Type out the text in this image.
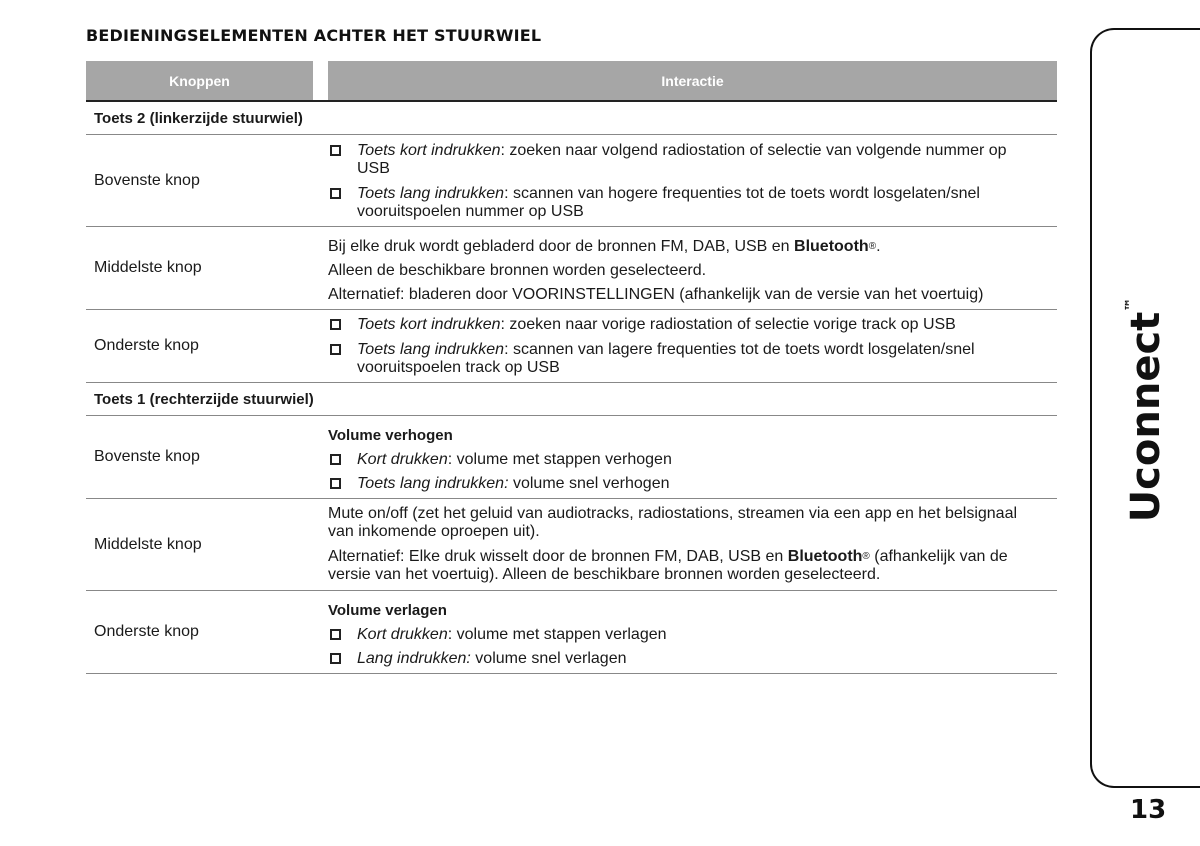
BEDIENINGSELEMENTEN ACHTER HET STUURWIEL
Knoppen	Interactie
Toets 2 (linkerzijde stuurwiel)
Bovenste knop
Toets kort indrukken: zoeken naar volgend radiostation of selectie van volgende nummer op
USB
Toets lang indrukken: scannen van hogere frequenties tot de toets wordt losgelaten/snel
vooruitspoelen nummer op USB
Middelste knop
Bij elke druk wordt gebladerd door de bronnen FM, DAB, USB en Bluetooth®.
Alleen de beschikbare bronnen worden geselecteerd.
Alternatief: bladeren door VOORINSTELLINGEN (afhankelijk van de versie van het voertuig)
Onderste knop
Toets kort indrukken: zoeken naar vorige radiostation of selectie vorige track op USB
Toets lang indrukken: scannen van lagere frequenties tot de toets wordt losgelaten/snel
vooruitspoelen track op USB
Toets 1 (rechterzijde stuurwiel)
Bovenste knop
Volume verhogen
Kort drukken: volume met stappen verhogen
Toets lang indrukken: volume snel verhogen
Middelste knop
Mute on/off (zet het geluid van audiotracks, radiostations, streamen via een app en het belsignaal
van inkomende oproepen uit).
Alternatief: Elke druk wisselt door de bronnen FM, DAB, USB en Bluetooth® (afhankelijk van de
versie van het voertuig). Alleen de beschikbare bronnen worden geselecteerd.
Onderste knop
Volume verlagen
Kort drukken: volume met stappen verlagen
Lang indrukken: volume snel verlagen
Uconnect™
13
